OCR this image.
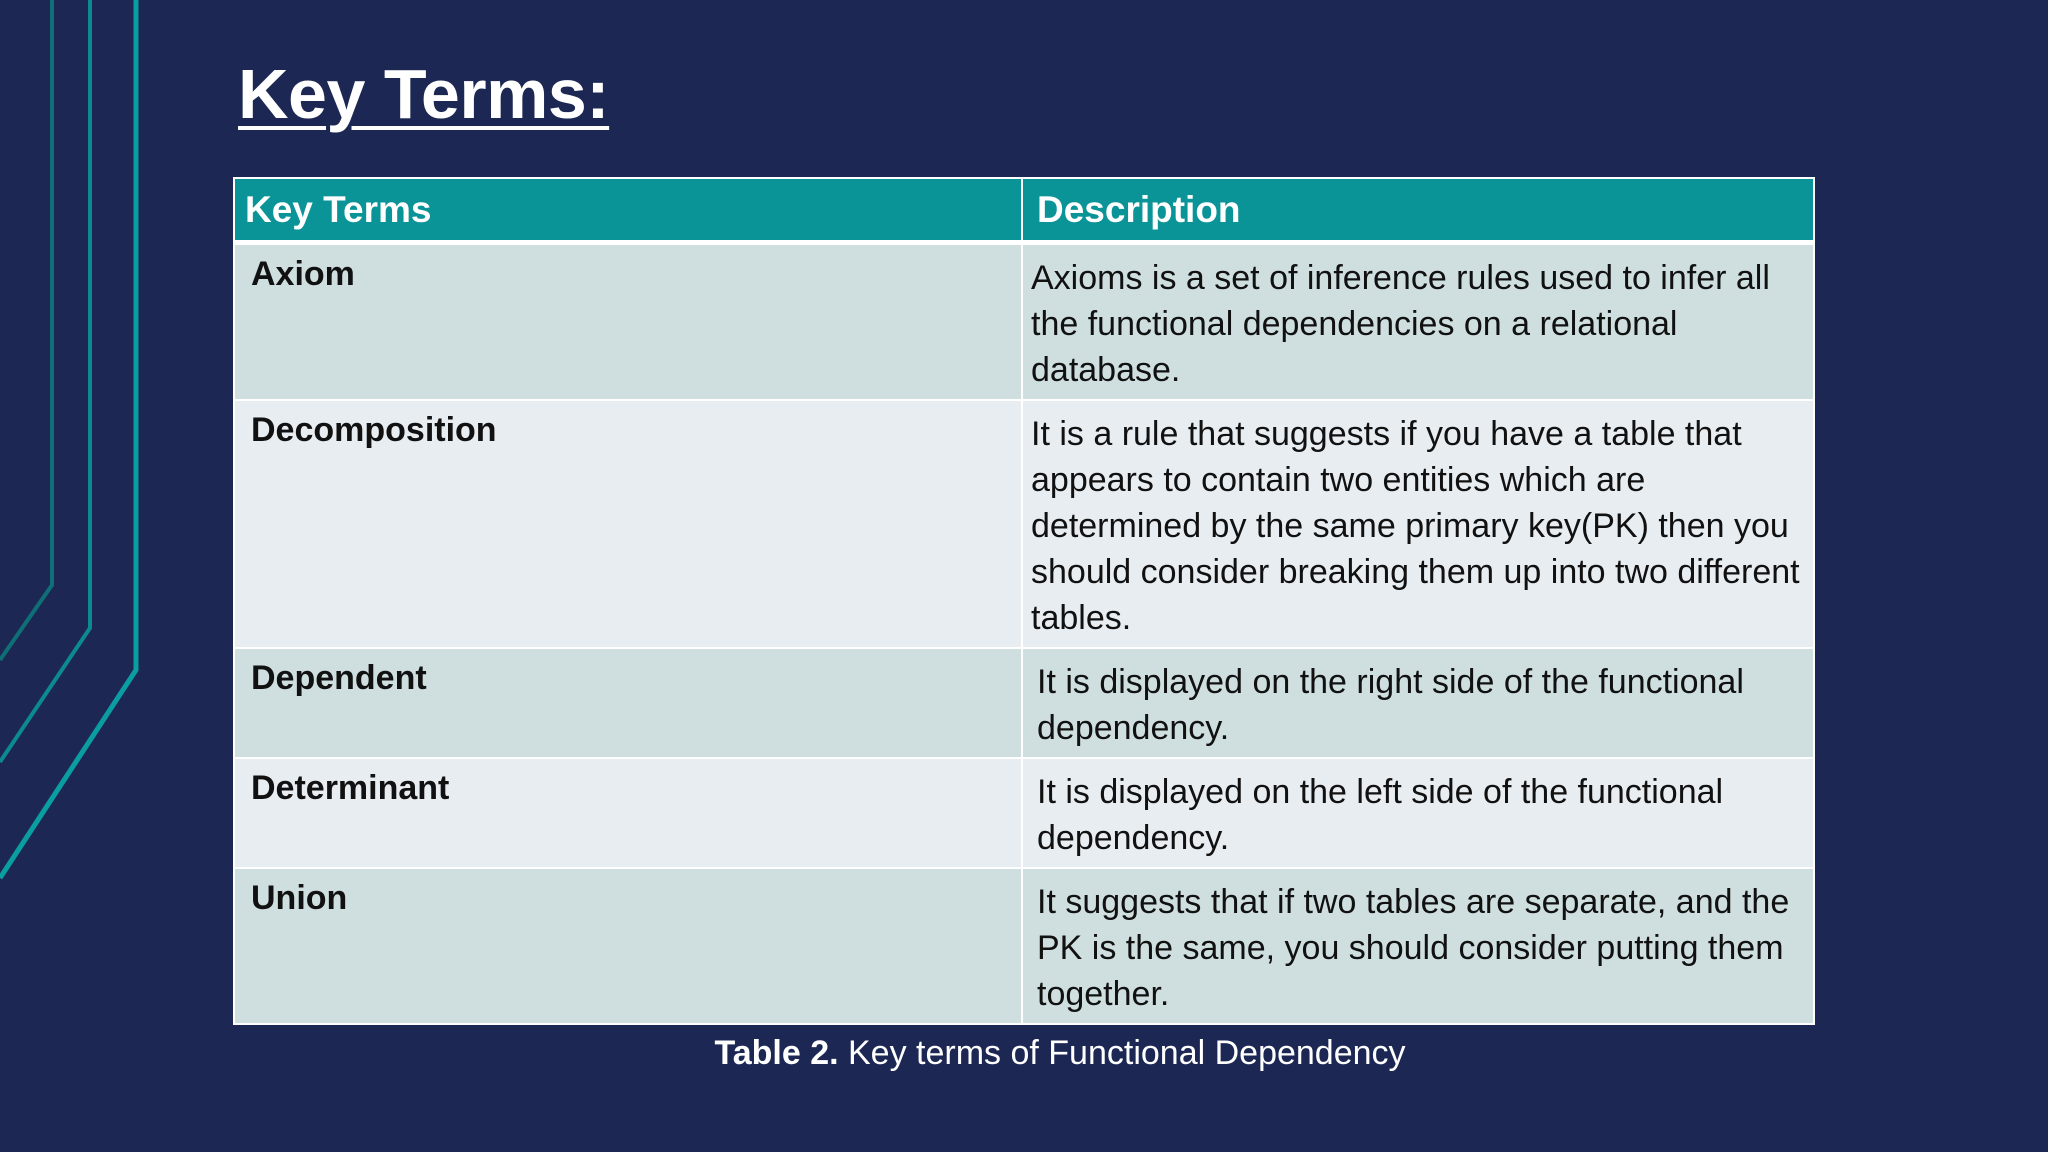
Key Terms:
Key Terms	Description
Axiom	Axioms is a set of inference rules used to infer all the functional dependencies on a relational database.
Decomposition	It is a rule that suggests if you have a table that appears to contain two entities which are determined by the same primary key(PK) then you should consider breaking them up into two different tables.
Dependent	It is displayed on the right side of the functional dependency.
Determinant	It is displayed on the left side of the functional dependency.
Union	It suggests that if two tables are separate, and the PK is the same, you should consider putting them together.
Table 2. Key terms of Functional Dependency
